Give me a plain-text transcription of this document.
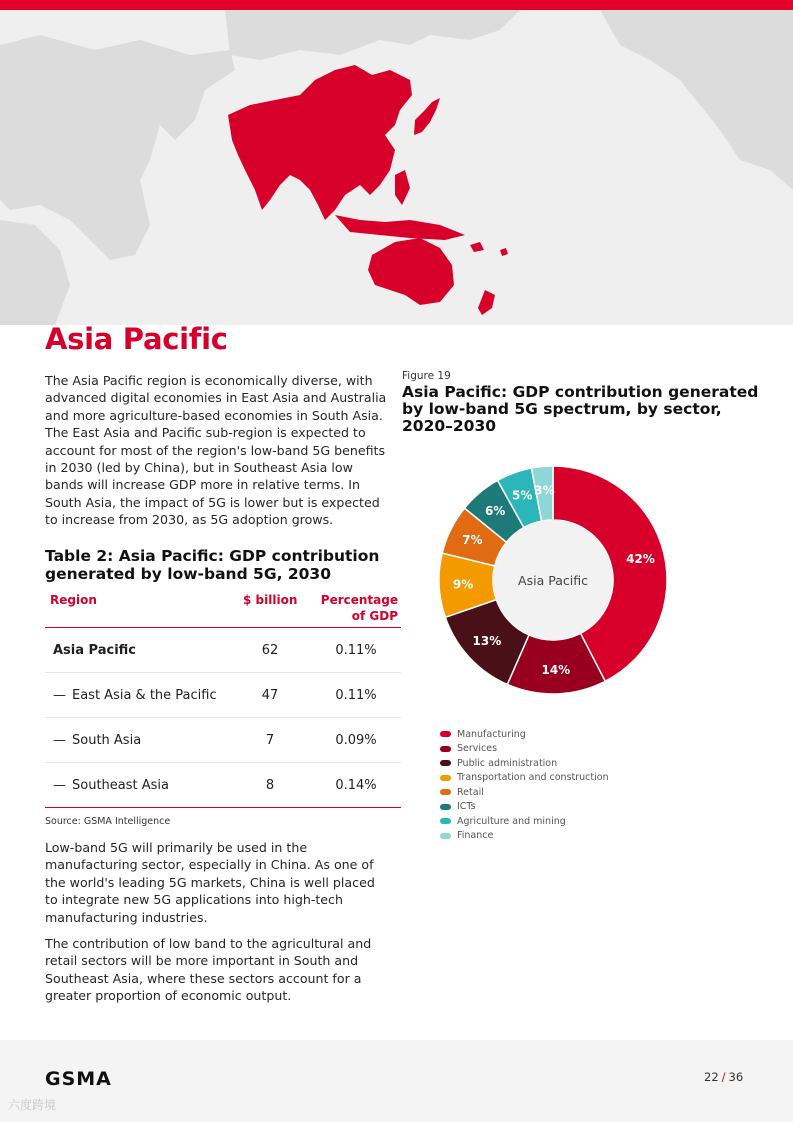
Asia Pacific

The Asia Pacific region is economically diverse, with advanced digital economies in East Asia and Australia and more agriculture-based economies in South Asia. The East Asia and Pacific sub-region is expected to account for most of the region's low-band 5G benefits in 2030 (led by China), but in Southeast Asia low bands will increase GDP more in relative terms. In South Asia, the impact of 5G is lower but is expected to increase from 2030, as 5G adoption grows.

Figure 19
Asia Pacific: GDP contribution generated by low-band 5G spectrum, by sector, 2020–2030
Table 2: Asia Pacific: GDP contribution generated by low-band 5G, 2030
Region	$ billion	Percentage of GDP
Asia Pacific	62	0.11%
— East Asia & the Pacific	47	0.11%
— South Asia	7	0.09%
— Southeast Asia	8	0.14%
Source: GSMA Intelligence

Low-band 5G will primarily be used in the manufacturing sector, especially in China. As one of the world's leading 5G markets, China is well placed to integrate new 5G applications into high-tech manufacturing industries.

The contribution of low band to the agricultural and retail sectors will be more important in South and Southeast Asia, where these sectors account for a greater proportion of economic output.

42%
14%
13%
9%
7%
6%
5% 3%
Asia Pacific
Manufacturing
Services
Public administration
Transportation and construction
Retail
ICTs
Agriculture and mining
Finance
GSMA	22 / 36
六度跨境
